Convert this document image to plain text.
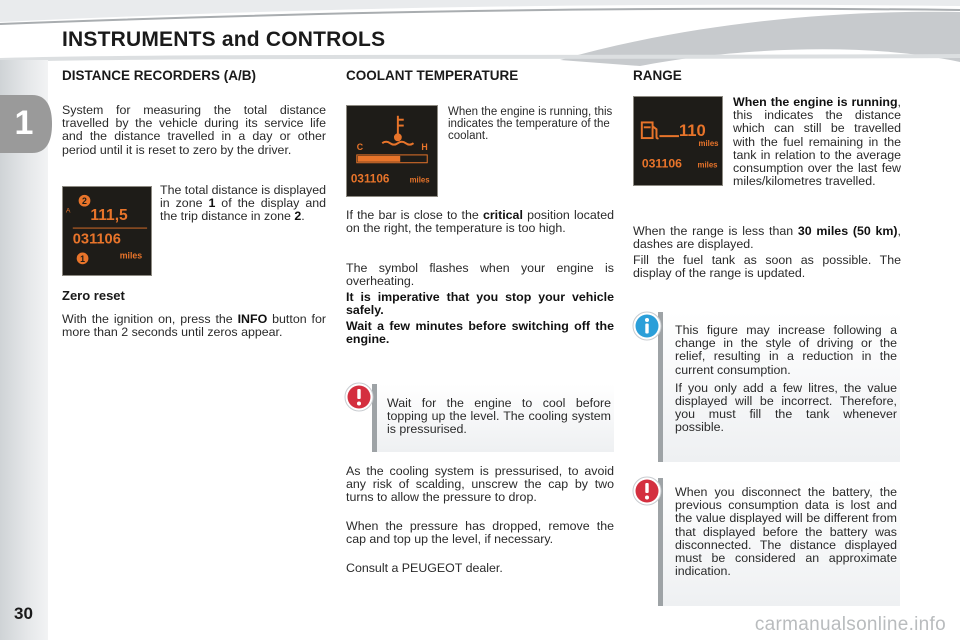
INSTRUMENTS and CONTROLS
1
30
DISTANCE RECORDERS (A/B)
System for measuring the total distance travelled by the vehicle during its service life and the distance travelled in a day or other period until it is reset to zero by the driver.
A
2
111,5
031106
1	miles
The total distance is displayed in zone 1 of the display and the trip distance in zone 2.
Zero reset
With the ignition on, press the INFO button for more than 2 seconds until zeros appear.
COOLANT TEMPERATURE
C	H
031106	miles
When the engine is running, this indicates the temperature of the coolant.
If the bar is close to the critical position located on the right, the temperature is too high.
The symbol flashes when your engine is overheating.
It is imperative that you stop your vehicle safely.
Wait a few minutes before switching off the engine.
Wait for the engine to cool before topping up the level. The cooling system is pressurised.
As the cooling system is pressurised, to avoid any risk of scalding, unscrew the cap by two turns to allow the pressure to drop.
When the pressure has dropped, remove the cap and top up the level, if necessary.
Consult a PEUGEOT dealer.
RANGE
110
miles
031106 miles
When the engine is running, this indicates the distance which can still be travelled with the fuel remaining in the tank in relation to the average consumption over the last few miles/kilometres travelled.
When the range is less than 30 miles (50 km), dashes are displayed.
Fill the fuel tank as soon as possible. The display of the range is updated.

This figure may increase following a change in the style of driving or the relief, resulting in a reduction in the current consumption.

If you only add a few litres, the value displayed will be incorrect. Therefore, you must fill the tank whenever possible.

When you disconnect the battery, the previous consumption data is lost and the value displayed will be different from that displayed before the battery was disconnected. The distance displayed must be considered an approximate indication.
carmanualsonline.info
